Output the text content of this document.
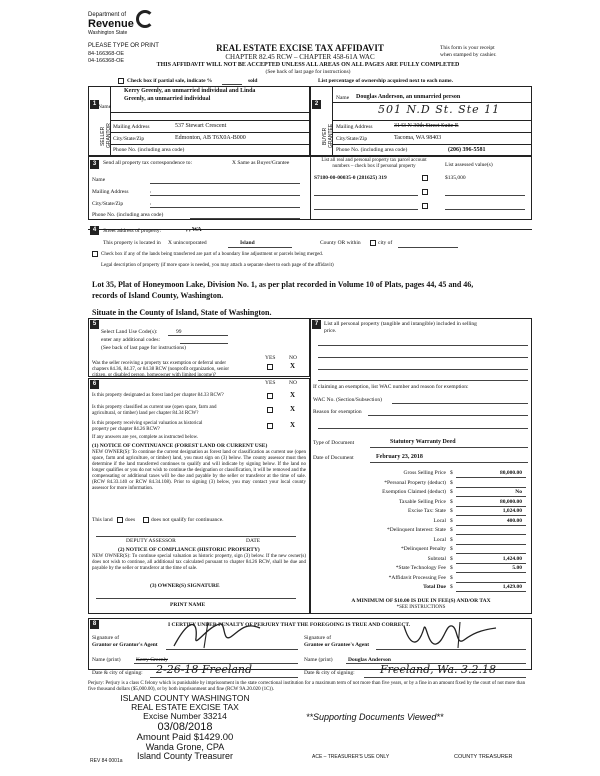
Department of
Revenue
Washington State
PLEASE TYPE OR PRINT
84-166368-OE
04-166368-OE
REAL ESTATE EXCISE TAX AFFIDAVIT
CHAPTER 82.45 RCW – CHAPTER 458-61A WAC
This form is your receipt
when stamped by cashier.
THIS AFFIDAVIT WILL NOT BE ACCEPTED UNLESS ALL AREAS ON ALL PAGES ARE FULLY COMPLETED
(See back of last page for instructions)
Check box if partial sale, indicate %	sold	List percentage of ownership acquired next to each name.
1	2
SELLER GRANTOR	BUYER GRANTEE
Name
Kerry Greenly, an unmarried individual and Linda
Greenly, an unmarried individual
Mailing Address	537 Stewart Crescent
City/State/Zip	Edmonton, AB T6X0A-B000
Phone No. (including area code)
Name Douglas Anderson, an unmarried person
501 N.D St. Ste 11
Mailing Address	3143 N 30th Street Suite E
City/State/Zip	Tacoma, WA 98403
Phone No. (including area code)	(206) 396-5581
3	Send all property tax correspondence to:	X Same as Buyer/Grantee
Name
Mailing Address	,
City/State/Zip	,
Phone No. (including area code)
List all real and personal property tax parcel account
numbers – check box if personal property
S7180-00-00035-0 (281625) 319
List assessed value(s)
$135,000
4	Street address of property:	, , WA
This property is located in X unincorporated	Island	County OR within	city of
Check box if any of the lands being transferred are part of a boundary line adjustment or parcels being merged.
Legal description of property (if more space is needed, you may attach a separate sheet to each page of the affidavit)
Lot 35, Plat of Honeymoon Lake, Division No. 1, as per plat recorded in Volume 10 of Plats, pages 44, 45 and 46,
records of Island County, Washington.
Situate in the County of Island, State of Washington.
5
Select Land Use Code(s):	99
enter any additional codes:
(See back of last page for instructions)
YES NO
Was the seller receiving a property tax exemption or deferral under
chapters 84.36, 84.37, or 84.38 RCW (nonprofit organization, senior
citizen, or disabled person, homeowner with limited income)?
X
6	YES NO
Is this property designated as forest land per chapter 84.33 RCW?	X
Is this property classified as current use (open space, farm and
agricultural, or timber) land per chapter 84.34 RCW?
X
Is this property receiving special valuation as historical
property per chapter 84.26 RCW?
X
If any answers are yes, complete as instructed below.
(1) NOTICE OF CONTINUANCE (FOREST LAND OR CURRENT USE)
NEW OWNER(S): To continue the current designation as forest land or classification as current use (open space, farm and agriculture, or timber) land, you must sign on (3) below. The county assessor must then determine if the land transferred continues to qualify and will indicate by signing below. If the land no longer qualifies or you do not wish to continue the designation or classification, it will be removed and the compensating or additional taxes will be due and payable by the seller or transferor at the time of sale. (RCW 84.33.140 or RCW 84.34.108). Prior to signing (3) below, you may contact your local county assessor for more information.
This land does	does not qualify for continuance.
DEPUTY ASSESSOR	DATE
(2) NOTICE OF COMPLIANCE (HISTORIC PROPERTY)
NEW OWNER(S): To continue special valuation as historic property, sign (3) below. If the new owner(s) does not wish to continue, all additional tax calculated pursuant to chapter 84.26 RCW, shall be due and payable by the seller or transferor at the time of sale.
(3) OWNER(S) SIGNATURE
PRINT NAME
7	List all personal property (tangible and intangible) included in selling
price.
If claiming an exemption, list WAC number and reason for exemption:
WAC No. (Section/Subsection)
Reason for exemption
Type of Document	Statutory Warranty Deed
Date of Document	February 23, 2018
Gross Selling Price $	80,000.00
*Personal Property (deduct) $
Exemption Claimed (deduct) $	No
Taxable Selling Price $	80,000.00
Excise Tax: State $	1,024.00
Local $	400.00
*Delinquent Interest: State $
Local $
*Delinquent Penalty $
Subtotal $	1,424.00
*State Technology Fee $	5.00
*Affidavit Processing Fee $
Total Due $	1,429.00
A MINIMUM OF $10.00 IS DUE IN FEE(S) AND/OR TAX
*SEE INSTRUCTIONS
8	I CERTIFY UNDER PENALTY OF PERJURY THAT THE FOREGOING IS TRUE AND CORRECT.
Signature of
Grantor or Grantor's Agent
Name (print)	Kerry Greenly
Date & city of signing: 2-26-18 Freeland
Signature of
Grantee or Grantee's Agent
Name (print)	Douglas Anderson
Date & city of signing: Freeland, Wa. 3.2.18
Perjury: Perjury is a class C felony which is punishable by imprisonment in the state correctional institution for a maximum term of not more than five years, or by a fine in an amount fixed by the court of not more than five thousand dollars ($5,000.00), or by both imprisonment and fine (RCW 9A.20.020 (1C)).
ISLAND COUNTY WASHINGTON
REAL ESTATE EXCISE TAX
Excise Number 33214
03/08/2018
Amount Paid $1429.00
Wanda Grone, CPA
Island County Treasurer
**Supporting Documents Viewed**
REV 84 0001a
ACE – TREASURER'S USE ONLY	COUNTY TREASURER
